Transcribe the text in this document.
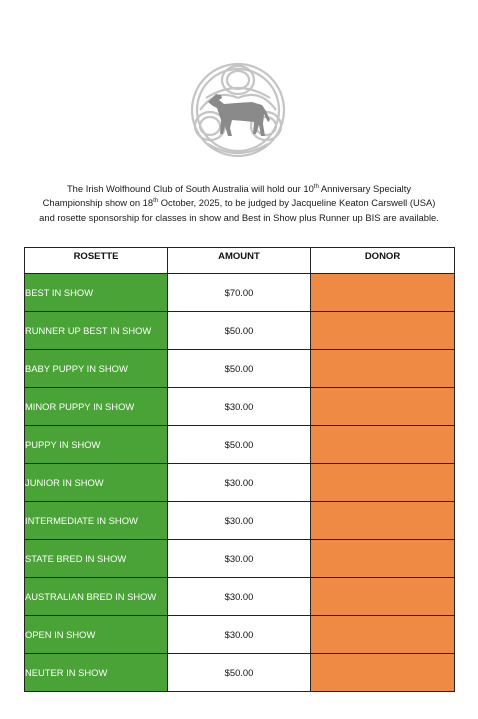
The Irish Wolfhound Club of South Australia will hold our 10th Anniversary Specialty
Championship show on 18th October, 2025, to be judged by Jacqueline Keaton Carswell (USA)
and rosette sponsorship for classes in show and Best in Show plus Runner up BIS are available.
ROSETTE	AMOUNT	DONOR
BEST IN SHOW	$70.00	
RUNNER UP BEST IN SHOW	$50.00	
BABY PUPPY IN SHOW	$50.00	
MINOR PUPPY IN SHOW	$30.00	
PUPPY IN SHOW	$50.00	
JUNIOR IN SHOW	$30.00	
INTERMEDIATE IN SHOW	$30.00	
STATE BRED IN SHOW	$30.00	
AUSTRALIAN BRED IN SHOW	$30.00	
OPEN IN SHOW	$30.00	
NEUTER IN SHOW	$50.00	
